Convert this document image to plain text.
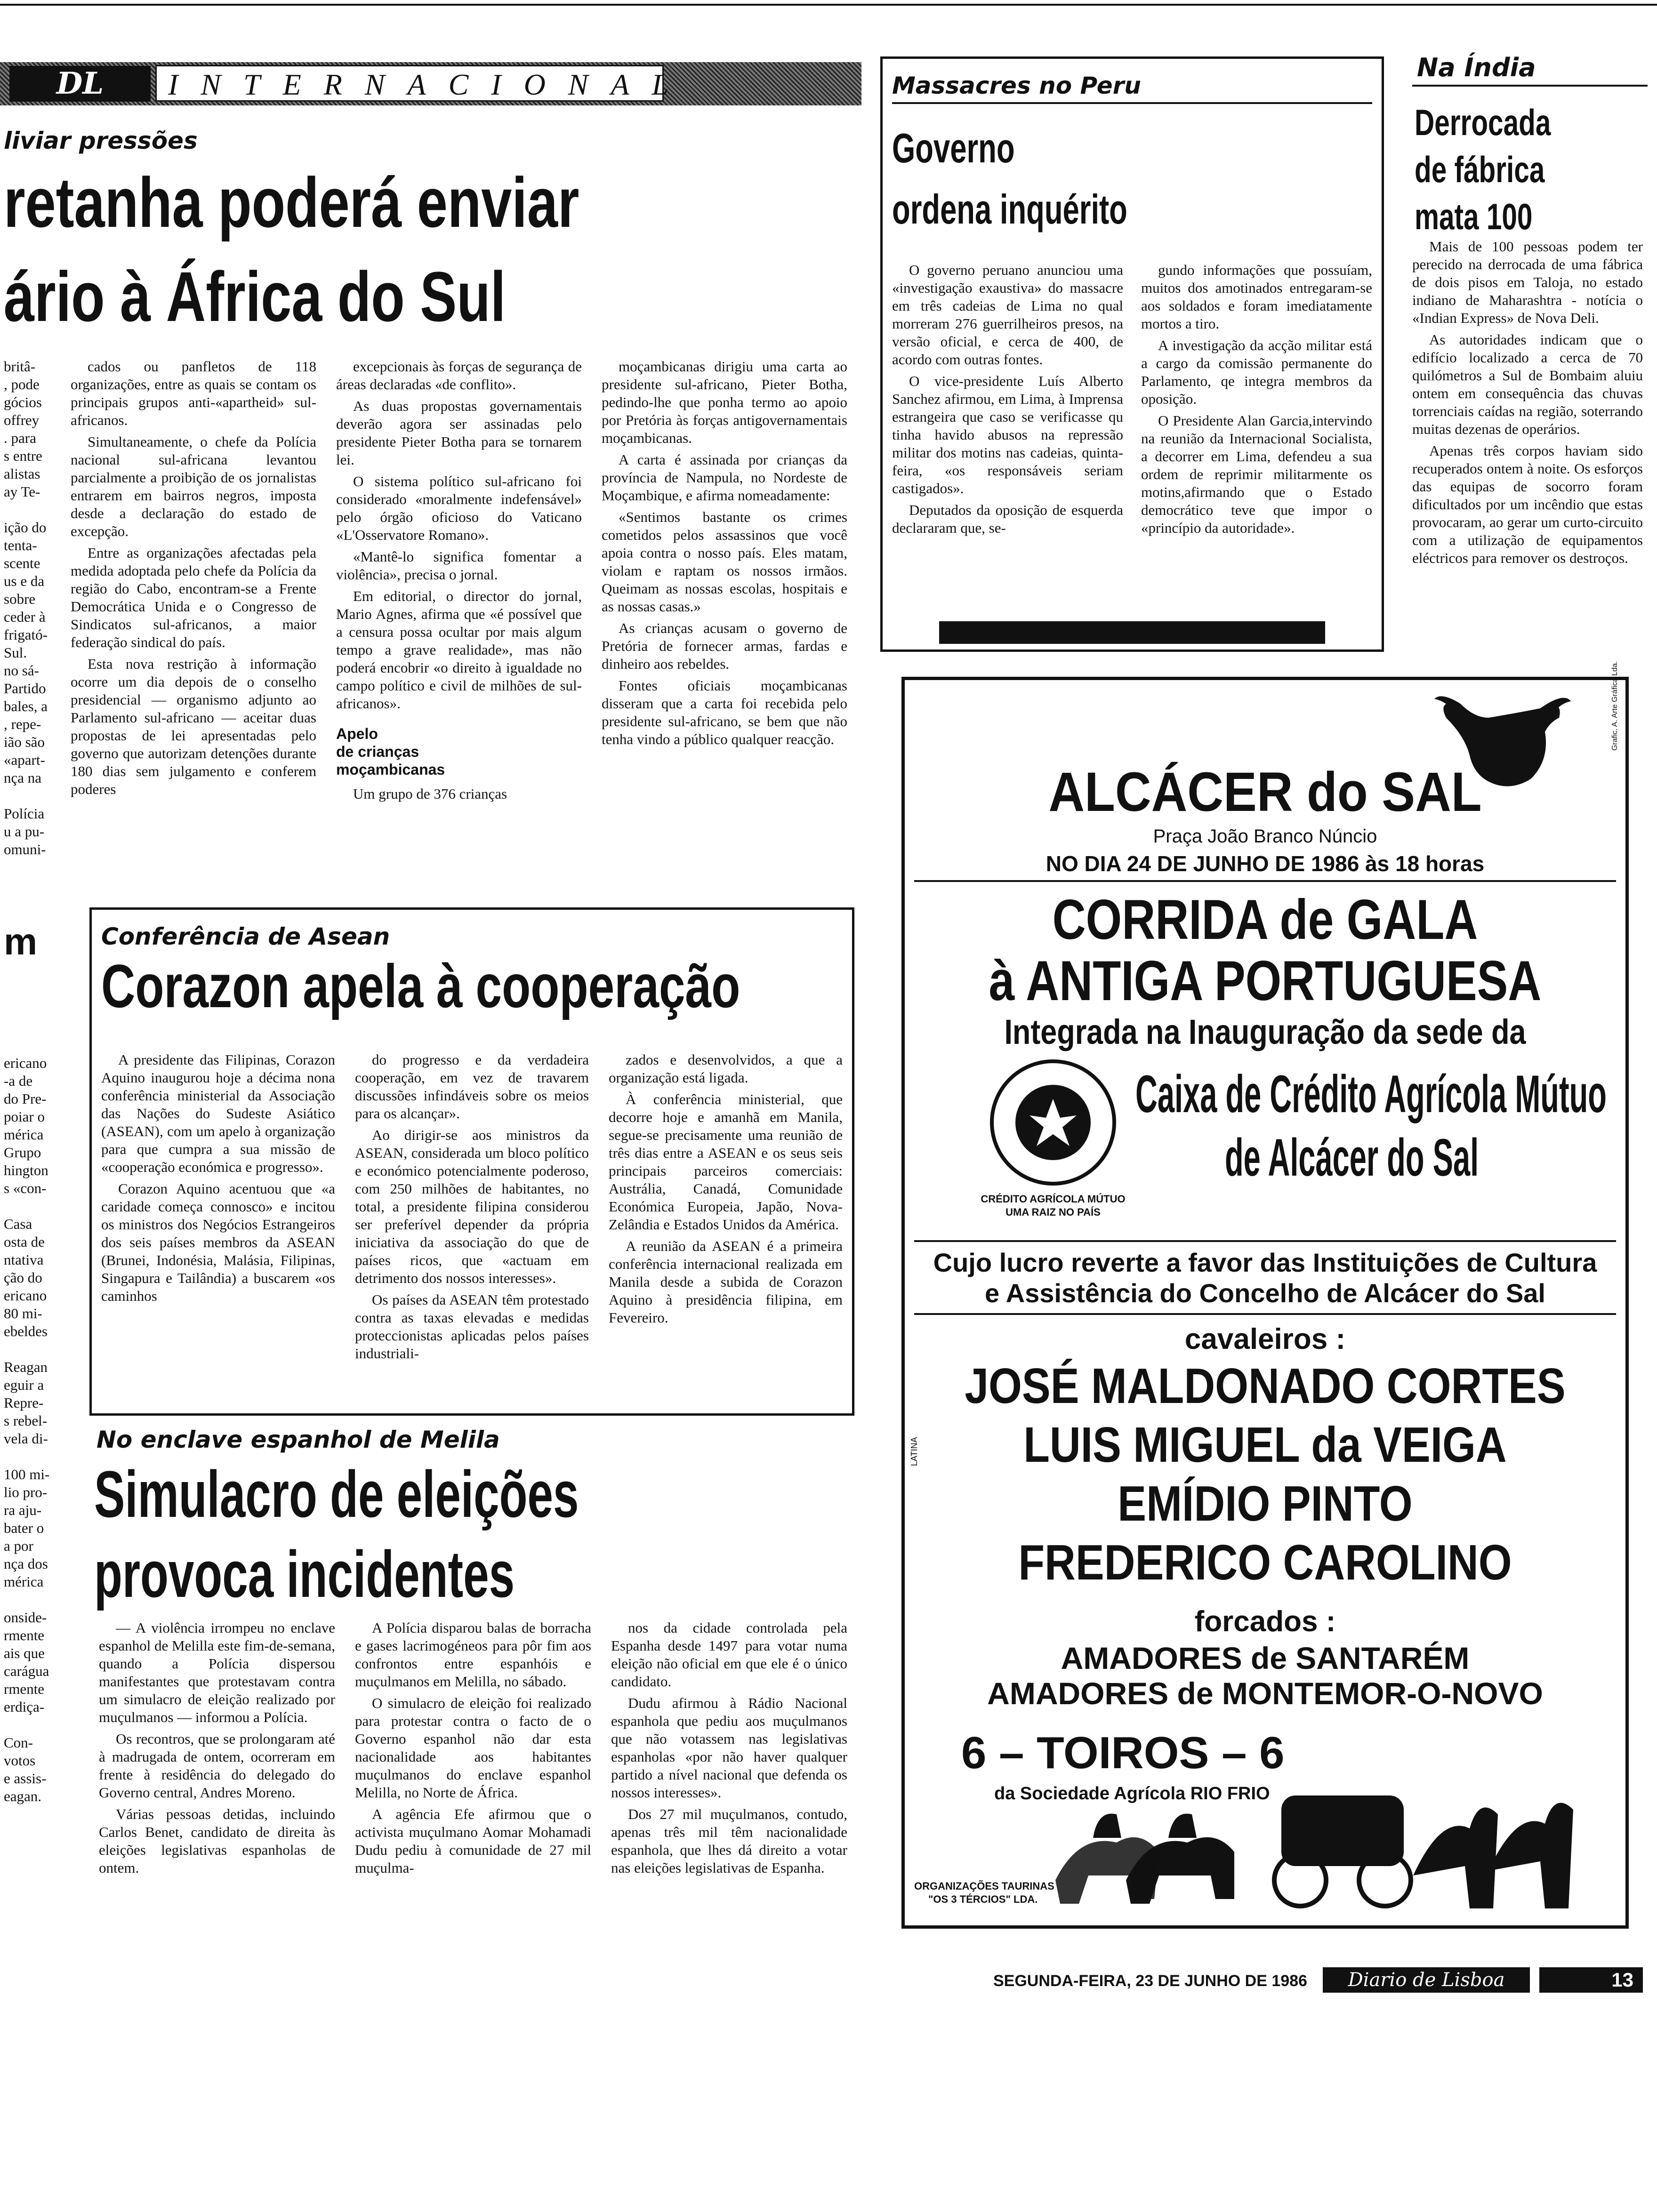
DL	INTERNACIONAL
liviar pressões
retanha poderá enviar
ário à África do Sul
britâ-
, pode
gócios
offrey
. para
s entre
alistas
ay Te-

ição do
tenta-
scente
us e da
sobre
ceder à
frigató-
Sul.
no sá-
Partido
bales, a
, repe-
ião são
«apart-
nça na

Polícia
u a pu-
omuni-

cados ou panfletos de 118 organizações, entre as quais se contam os principais grupos anti-«apartheid» sul-africanos.

Simultaneamente, o chefe da Polícia nacional sul-africana levantou parcialmente a proibição de os jornalistas entrarem em bairros negros, imposta desde a declaração do estado de excepção.

Entre as organizações afectadas pela medida adoptada pelo chefe da Polícia da região do Cabo, encontram-se a Frente Democrática Unida e o Congresso de Sindicatos sul-africanos, a maior federação sindical do país.

Esta nova restrição à informação ocorre um dia depois de o conselho presidencial — organismo adjunto ao Parlamento sul-africano — aceitar duas propostas de lei apresentadas pelo governo que autorizam detenções durante 180 dias sem julgamento e conferem poderes

excepcionais às forças de segurança de áreas declaradas «de conflito».

As duas propostas governamentais deverão agora ser assinadas pelo presidente Pieter Botha para se tornarem lei.

O sistema político sul-africano foi considerado «moralmente indefensável» pelo órgão oficioso do Vaticano «L'Osservatore Romano».

«Mantê-lo significa fomentar a violência», precisa o jornal.

Em editorial, o director do jornal, Mario Agnes, afirma que «é possível que a censura possa ocultar por mais algum tempo a grave realidade», mas não poderá encobrir «o direito à igualdade no campo político e civil de milhões de sul-africanos».

Apelo
de crianças
moçambicanas

Um grupo de 376 crianças

moçambicanas dirigiu uma carta ao presidente sul-africano, Pieter Botha, pedindo-lhe que ponha termo ao apoio por Pretória às forças antigovernamentais moçambicanas.

A carta é assinada por crianças da província de Nampula, no Nordeste de Moçambique, e afirma nomeadamente:

«Sentimos bastante os crimes cometidos pelos assassinos que você apoia contra o nosso país. Eles matam, violam e raptam os nossos irmãos. Queimam as nossas escolas, hospitais e as nossas casas.»

As crianças acusam o governo de Pretória de fornecer armas, fardas e dinheiro aos rebeldes.

Fontes oficiais moçambicanas disseram que a carta foi recebida pelo presidente sul-africano, se bem que não tenha vindo a público qualquer reacção.

m
ericano
-a de
do Pre-
poiar o
mérica
Grupo
hington
s «con-

Casa
osta de
ntativa
ção do
ericano
80 mi-
ebeldes

Reagan
eguir a
Repre-
s rebel-
vela di-

100 mi-
lio pro-
ra aju-
bater o
a por
nça dos
mérica

onside-
rmente
ais que
carágua
rmente
erdiça-

Con-
votos
e assis-
eagan.
Conferência de Asean
Corazon apela à cooperação

A presidente das Filipinas, Corazon Aquino inaugurou hoje a décima nona conferência ministerial da Associação das Nações do Sudeste Asiático (ASEAN), com um apelo à organização para que cumpra a sua missão de «cooperação económica e progresso».

Corazon Aquino acentuou que «a caridade começa connosco» e incitou os ministros dos Negócios Estrangeiros dos seis países membros da ASEAN (Brunei, Indonésia, Malásia, Filipinas, Singapura e Tailândia) a buscarem «os caminhos

do progresso e da verdadeira cooperação, em vez de travarem discussões infindáveis sobre os meios para os alcançar».

Ao dirigir-se aos ministros da ASEAN, considerada um bloco político e económico potencialmente poderoso, com 250 milhões de habitantes, no total, a presidente filipina considerou ser preferível depender da própria iniciativa da associação do que de países ricos, que «actuam em detrimento dos nossos interesses».

Os países da ASEAN têm protestado contra as taxas elevadas e medidas proteccionistas aplicadas pelos países industriali-

zados e desenvolvidos, a que a organização está ligada.

À conferência ministerial, que decorre hoje e amanhã em Manila, segue-se precisamente uma reunião de três dias entre a ASEAN e os seus seis principais parceiros comerciais: Austrália, Canadá, Comunidade Económica Europeia, Japão, Nova-Zelândia e Estados Unidos da América.

A reunião da ASEAN é a primeira conferência internacional realizada em Manila desde a subida de Corazon Aquino à presidência filipina, em Fevereiro.

No enclave espanhol de Melila
Simulacro de eleições
provoca incidentes

— A violência irrompeu no enclave espanhol de Melilla este fim-de-semana, quando a Polícia dispersou manifestantes que protestavam contra um simulacro de eleição realizado por muçulmanos — informou a Polícia.

Os recontros, que se prolongaram até à madrugada de ontem, ocorreram em frente à residência do delegado do Governo central, Andres Moreno.

Várias pessoas detidas, incluindo Carlos Benet, candidato de direita às eleições legislativas espanholas de ontem.

A Polícia disparou balas de borracha e gases lacrimogéneos para pôr fim aos confrontos entre espanhóis e muçulmanos em Melilla, no sábado.

O simulacro de eleição foi realizado para protestar contra o facto de o Governo espanhol não dar esta nacionalidade aos habitantes muçulmanos do enclave espanhol Melilla, no Norte de África.

A agência Efe afirmou que o activista muçulmano Aomar Mohamadi Dudu pediu à comunidade de 27 mil muçulma-

nos da cidade controlada pela Espanha desde 1497 para votar numa eleição não oficial em que ele é o único candidato.

Dudu afirmou à Rádio Nacional espanhola que pediu aos muçulmanos que não votassem nas legislativas espanholas «por não haver qualquer partido a nível nacional que defenda os nossos interesses».

Dos 27 mil muçulmanos, contudo, apenas três mil têm nacionalidade espanhola, que lhes dá direito a votar nas eleições legislativas de Espanha.

Massacres no Peru
Governo
ordena inquérito

O governo peruano anunciou uma «investigação exaustiva» do massacre em três cadeias de Lima no qual morreram 276 guerrilheiros presos, na versão oficial, e cerca de 400, de acordo com outras fontes.

O vice-presidente Luís Alberto Sanchez afirmou, em Lima, à Imprensa estrangeira que caso se verificasse qu tinha havido abusos na repressão militar dos motins nas cadeias, quinta-feira, «os responsáveis seriam castigados».

Deputados da oposição de esquerda declararam que, se-

gundo informações que possuíam, muitos dos amotinados entregaram-se aos soldados e foram imediatamente mortos a tiro.

A investigação da acção militar está a cargo da comissão permanente do Parlamento, qe integra membros da oposição.

O Presidente Alan Garcia,intervindo na reunião da Internacional Socialista, a decorrer em Lima, defendeu a sua ordem de reprimir militarmente os motins,afirmando que o Estado democrático teve que impor o «princípio da autoridade».

Na Índia
Derrocada
de fábrica
mata 100

Mais de 100 pessoas podem ter perecido na derrocada de uma fábrica de dois pisos em Taloja, no estado indiano de Maharashtra - notícia o «Indian Express» de Nova Deli.

As autoridades indicam que o edifício localizado a cerca de 70 quilómetros a Sul de Bombaim aluiu ontem em consequência das chuvas torrenciais caídas na região, soterrando muitas dezenas de operários.

Apenas três corpos haviam sido recuperados ontem à noite. Os esforços das equipas de socorro foram dificultados por um incêndio que estas provocaram, ao gerar um curto-circuito com a utilização de equipamentos eléctricos para remover os destroços.

ALCÁCER do SAL
Praça João Branco Núncio
NO DIA 24 DE JUNHO DE 1986 às 18 horas
CORRIDA de GALA
à ANTIGA PORTUGUESA
Integrada na Inauguração da sede da
CRÉDITO AGRÍCOLA MÚTUO
UMA RAIZ NO PAÍS
Caixa de Crédito Agrícola Mútuo
de Alcácer do Sal
Cujo lucro reverte a favor das Instituições de Cultura
e Assistência do Concelho de Alcácer do Sal
cavaleiros :
JOSÉ MALDONADO CORTES
LUIS MIGUEL da VEIGA
EMÍDIO PINTO
FREDERICO CAROLINO
forcados :
AMADORES de SANTARÉM
AMADORES de MONTEMOR-O-NOVO
6 – TOIROS – 6
da Sociedade Agrícola RIO FRIO
ORGANIZAÇÕES TAURINAS
"OS 3 TÉRCIOS" LDA.
LATINA
Grafic. A. Arte Gráfica Lda.
SEGUNDA-FEIRA, 23 DE JUNHO DE 1986	Diario de Lisboa	13
